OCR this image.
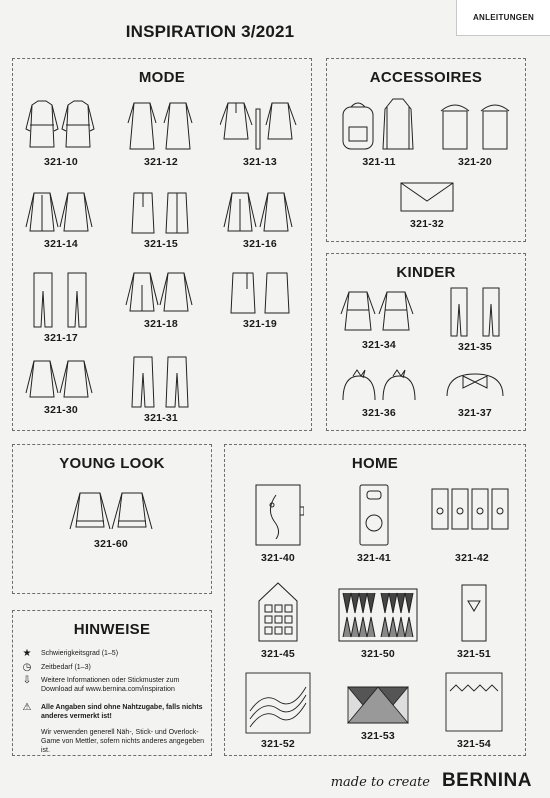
INSPIRATION 3/2021
ANLEITUNGEN
MODE
321-10	321-12	321-13
321-14	321-15	321-16
321-17
321-18	321-19
321-30
321-31
ACCESSOIRES
321-11	321-20
321-32
KINDER
321-34	321-35
321-36	321-37
YOUNG LOOK
321-60
HOME
321-40	321-41	321-42
321-45	321-50	321-51
321-52
321-53
321-54
HINWEISE
★	Schwierigkeitsgrad (1–5)
◷	Zeitbedarf (1–3)
⇩	Weitere Informationen oder Stickmuster zum Download auf www.bernina.com/inspiration
⚠	Alle Angaben sind ohne Nahtzugabe, falls nichts anderes vermerkt ist!
Wir verwenden generell Näh-, Stick- und Overlock-Game von Mettler, sofern nichts anderes angegeben ist.
made to create BERNINA
